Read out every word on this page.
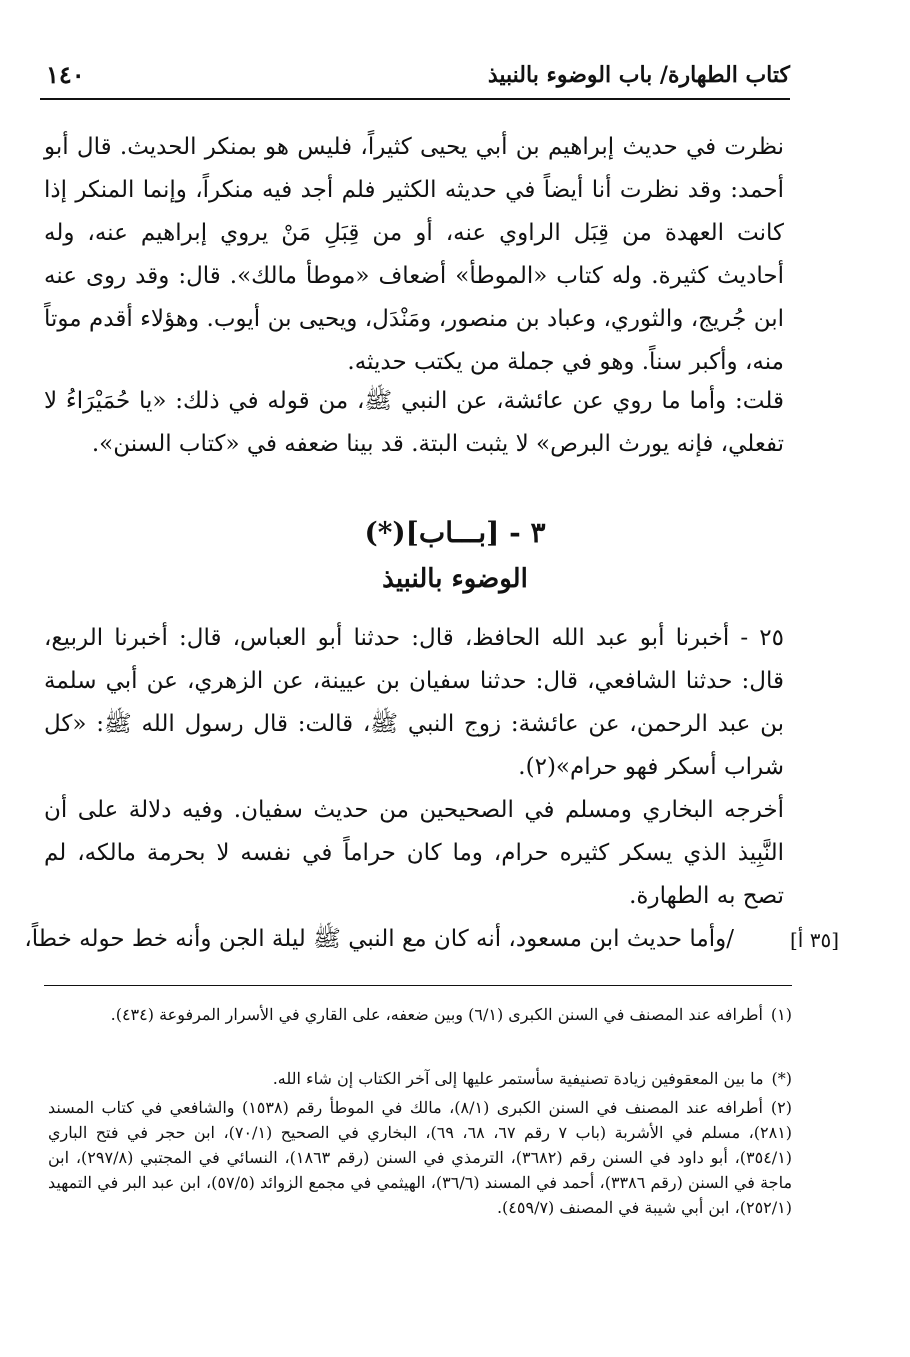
كتاب الطهارة/ باب الوضوء بالنبيذ
١٤٠

نظرت في حديث إبراهيم بن أبي يحيى كثيراً، فليس هو بمنكر الحديث. قال أبو أحمد: وقد نظرت أنا أيضاً في حديثه الكثير فلم أجد فيه منكراً، وإنما المنكر إذا كانت العهدة من قِبَل الراوي عنه، أو من قِبَلِ مَنْ يروي إبراهيم عنه، وله أحاديث كثيرة. وله كتاب «الموطأ» أضعاف «موطأ مالك». قال: وقد روى عنه ابن جُريج، والثوري، وعباد بن منصور، ومَنْدَل، ويحيى بن أيوب. وهؤلاء أقدم موتاً منه، وأكبر سناً. وهو في جملة من يكتب حديثه.

قلت: وأما ما روي عن عائشة، عن النبي ﷺ، من قوله في ذلك: «يا حُمَيْرَاءُ لا تفعلي، فإنه يورث البرص» لا يثبت البتة. قد بينا ضعفه في «كتاب السنن».

٣ - [بـــاب](*)
الوضوء بالنبيذ

٢٥ - أخبرنا أبو عبد الله الحافظ، قال: حدثنا أبو العباس، قال: أخبرنا الربيع، قال: حدثنا الشافعي، قال: حدثنا سفيان بن عيينة، عن الزهري، عن أبي سلمة بن عبد الرحمن، عن عائشة: زوج النبي ﷺ، قالت: قال رسول الله ﷺ: «كل شراب أسكر فهو حرام»(٢).

أخرجه البخاري ومسلم في الصحيحين من حديث سفيان. وفيه دلالة على أن النَّبِيذ الذي يسكر كثيره حرام، وما كان حراماً في نفسه لا بحرمة مالكه، لم تصح به الطهارة.

/وأما حديث ابن مسعود، أنه كان مع النبي ﷺ ليلة الجن وأنه خط حوله خطاً،	[٣٥ أ]
(١)أطرافه عند المصنف في السنن الكبرى (٦/١) وبين ضعفه، على القاري في الأسرار المرفوعة (٤٣٤).
(*)ما بين المعقوفين زيادة تصنيفية سأستمر عليها إلى آخر الكتاب إن شاء الله.
(٢)أطرافه عند المصنف في السنن الكبرى (٨/١)، مالك في الموطأ رقم (١٥٣٨) والشافعي في كتاب المسند (٢٨١)، مسلم في الأشربة (باب ٧ رقم ٦٧، ٦٨، ٦٩)، البخاري في الصحيح (٧٠/١)، ابن حجر في فتح الباري (٣٥٤/١)، أبو داود في السنن رقم (٣٦٨٢)، الترمذي في السنن (رقم ١٨٦٣)، النسائي في المجتبي (٢٩٧/٨)، ابن ماجة في السنن (رقم ٣٣٨٦)، أحمد في المسند (٣٦/٦)، الهيثمي في مجمع الزوائد (٥٧/٥)، ابن عبد البر في التمهيد (٢٥٢/١)، ابن أبي شيبة في المصنف (٤٥٩/٧).
